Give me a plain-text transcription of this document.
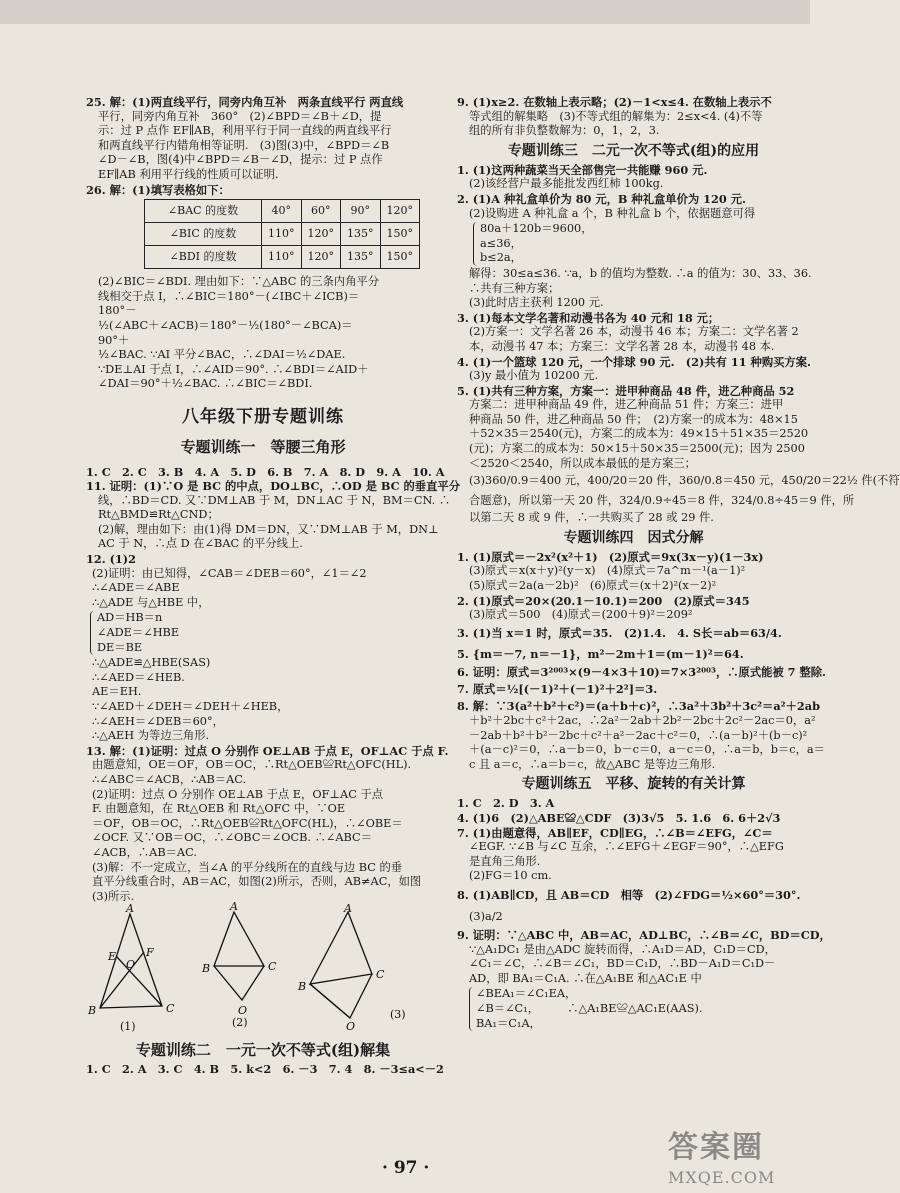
25. 解：(1)两直线平行，同旁内角互补　两条直线平行 两直线

平行，同旁内角互补　360°　(2)∠BPD＝∠B＋∠D，提

示：过 P 点作 EF∥AB，利用平行于同一直线的两直线平行

和两直线平行内错角相等证明.　(3)图(3)中，∠BPD＝∠B

∠D－∠B，图(4)中∠BPD＝∠B－∠D，提示：过 P 点作

EF∥AB 利用平行线的性质可以证明.

26. 解：(1)填写表格如下：

∠BAC 的度数	40°	60°	90°	120°
∠BIC 的度数	110°	120°	135°	150°
∠BDI 的度数	110°	120°	135°	150°

(2)∠BIC＝∠BDI. 理由如下：∵△ABC 的三条内角平分

线相交于点 I，∴∠BIC＝180°－(∠IBC＋∠ICB)＝

180°－

½(∠ABC＋∠ACB)＝180°－½(180°－∠BCA)＝

90°＋

½∠BAC. ∵AI 平分∠BAC，∴∠DAI＝½∠DAE.

∵DE⊥AI 于点 I，∴∠AID＝90°. ∴∠BDI＝∠AID＋

∠DAI＝90°＋½∠BAC. ∴∠BIC＝∠BDI.

八年级下册专题训练
专题训练一　等腰三角形

1. C　2. C　3. B　4. A　5. D　6. B　7. A　8. D　9. A　10. A

11. 证明：(1)∵O 是 BC 的中点，DO⊥BC，∴OD 是 BC 的垂直平分

线，∴BD＝CD. 又∵DM⊥AB 于 M，DN⊥AC 于 N，BM＝CN. ∴

Rt△BMD≌Rt△CND；

(2)解，理由如下：由(1)得 DM＝DN，又∵DM⊥AB 于 M，DN⊥

AC 于 N，∴点 D 在∠BAC 的平分线上.

12. (1)2

(2)证明：由已知得，∠CAB＝∠DEB＝60°，∠1＝∠2

∴∠ADE＝∠ABE

∴△ADE 与△HBE 中，

AD＝HB＝n

∠ADE＝∠HBE

DE＝BE

∴△ADE≌△HBE(SAS)

∴∠AED＝∠HEB.

AE＝EH.

∵∠AED＋∠DEH＝∠DEH＋∠HEB，

∴∠AEH＝∠DEB＝60°，

∴△AEH 为等边三角形.

13. 解：(1)证明：过点 O 分别作 OE⊥AB 于点 E，OF⊥AC 于点 F.

由题意知，OE＝OF，OB＝OC，∴Rt△OEB≌Rt△OFC(HL).

∴∠ABC＝∠ACB，∴AB＝AC.

(2)证明：过点 O 分别作 OE⊥AB 于点 E，OF⊥AC 于点

F. 由题意知，在 Rt△OEB 和 Rt△OFC 中，∵OE

＝OF，OB＝OC，∴Rt△OEB≌Rt△OFC(HL)，∴∠OBE＝

∠OCF. 又∵OB＝OC，∴∠OBC＝∠OCB. ∴∠ABC＝

∠ACB，∴AB＝AC.

(3)解：不一定成立，当∠A 的平分线所在的直线与边 BC 的垂

直平分线重合时，AB＝AC，如图(2)所示，否则，AB≠AC，如图

(3)所示.

A
B	C
E	F
O
A
B	C
O
A
B
C
O
(1)	(2)
(3)
专题训练二　一元一次不等式(组)解集

1. C　2. A　3. C　4. B　5. k<2　6. －3　7. 4　8. －3≤a<－2

9. (1)x≥2. 在数轴上表示略；(2)－1<x≤4. 在数轴上表示不

等式组的解集略　(3)不等式组的解集为：2≤x<4. (4)不等

组的所有非负整数解为：0，1，2，3.

专题训练三　二元一次不等式(组)的应用

1. (1)这两种蔬菜当天全部售完一共能赚 960 元.

(2)该经营户最多能批发西红柿 100kg.

2. (1)A 种礼盒单价为 80 元，B 种礼盒单价为 120 元.

(2)设购进 A 种礼盒 a 个，B 种礼盒 b 个，依据题意可得

80a＋120b＝9600，

a≤36，

b≤2a，

解得：30≤a≤36. ∵a，b 的值均为整数. ∴a 的值为：30、33、36.

∴共有三种方案；

(3)此时店主获利 1200 元.

3. (1)每本文学名著和动漫书各为 40 元和 18 元；

(2)方案一：文学名著 26 本，动漫书 46 本；方案二：文学名著 2

本，动漫书 47 本；方案三：文学名著 28 本，动漫书 48 本.

4. (1)一个篮球 120 元，一个排球 90 元.　(2)共有 11 种购买方案.

(3)y 最小值为 10200 元.

5. (1)共有三种方案，方案一：进甲种商品 48 件，进乙种商品 52

方案二：进甲种商品 49 件，进乙种商品 51 件；方案三：进甲

种商品 50 件，进乙种商品 50 件；　(2)方案一的成本为：48×15

＋52×35＝2540(元)，方案二的成本为：49×15＋51×35＝2520

(元)；方案二的成本为：50×15＋50×35＝2500(元)；因为 2500

＜2520＜2540，所以成本最低的是方案三；

(3)360/0.9＝400 元，400/20＝20 件，360/0.8＝450 元，450/20＝22½ 件(不符

合题意)，所以第一天 20 件，324/0.9÷45＝8 件，324/0.8÷45＝9 件，所

以第二天 8 或 9 件，∴一共购买了 28 或 29 件.

专题训练四　因式分解

1. (1)原式＝－2x²(x²＋1)　(2)原式＝9x(3x－y)(1－3x)

(3)原式＝x(x＋y)²(y－x)　(4)原式＝7a^m－¹(a－1)²

(5)原式＝2a(a－2b)²　(6)原式＝(x＋2)²(x－2)²

2. (1)原式＝20×(20.1－10.1)＝200　(2)原式＝345

(3)原式＝500　(4)原式＝(200＋9)²＝209²

3. (1)当 x＝1 时，原式＝35.　(2)1.4.　4. S长＝ab＝63/4.

5. {m＝－7, n＝－1}，m²－2m＋1＝(m－1)²＝64.

6. 证明：原式＝3²⁰⁰³×(9－4×3＋10)＝7×3²⁰⁰³，∴原式能被 7 整除.

7. 原式＝½[(－1)²＋(－1)²＋2²]＝3.

8. 解：∵3(a²＋b²＋c²)＝(a＋b＋c)²，∴3a²＋3b²＋3c²＝a²＋2ab

＋b²＋2bc＋c²＋2ac，∴2a²－2ab＋2b²－2bc＋2c²－2ac＝0，a²

－2ab＋b²＋b²－2bc＋c²＋a²－2ac＋c²＝0，∴(a－b)²＋(b－c)²

＋(a－c)²＝0，∴a－b＝0，b－c＝0，a－c＝0，∴a＝b，b＝c，a＝

c 且 a＝c，∴a＝b＝c，故△ABC 是等边三角形.

专题训练五　平移、旋转的有关计算

1. C　2. D　3. A

4. (1)6　(2)△ABE≌△CDF　(3)3√5　5. 1.6　6. 6＋2√3

7. (1)由题意得，AB∥EF，CD∥EG，∴∠B＝∠EFG，∠C＝

∠EGF. ∵∠B 与∠C 互余，∴∠EFG＋∠EGF＝90°，∴△EFG

是直角三角形.

(2)FG＝10 cm.

8. (1)AB∥CD，且 AB＝CD　相等　(2)∠FDG＝½×60°＝30°.

(3)a/2

9. 证明：∵△ABC 中，AB＝AC，AD⊥BC，∴∠B＝∠C，BD＝CD，

∵△A₁DC₁ 是由△ADC 旋转而得，∴A₁D＝AD，C₁D＝CD，

∠C₁＝∠C，∴∠B＝∠C₁，BD＝C₁D，∴BD－A₁D＝C₁D－

AD，即 BA₁＝C₁A. ∴在△A₁BE 和△AC₁E 中

∠BEA₁＝∠C₁EA，

∠B＝∠C₁，　　　∴△A₁BE≌△AC₁E(AAS).

BA₁＝C₁A，

· 97 ·
答案圈
MXQE.COM
